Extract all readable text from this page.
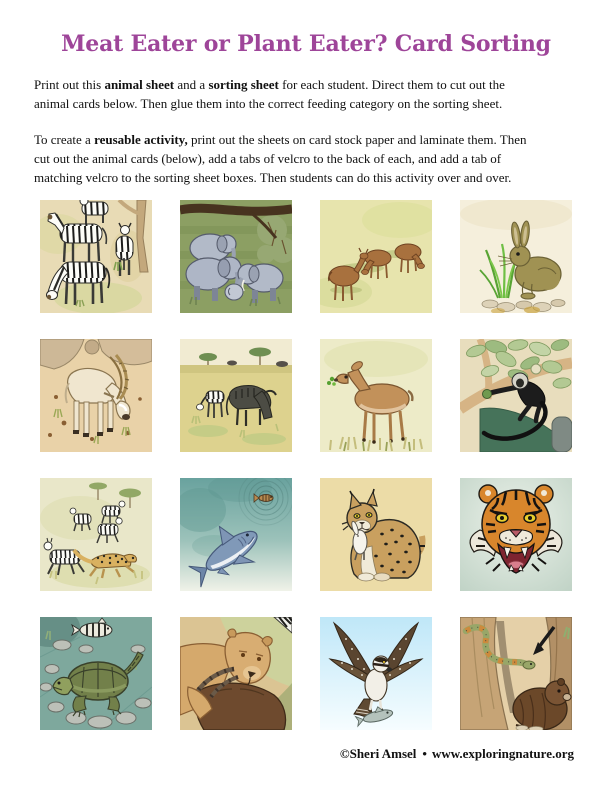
Meat Eater or Plant Eater? Card Sorting

Print out this animal sheet and a sorting sheet for each student. Direct them to cut out the
animal cards below. Then glue them into the correct feeding category on the sorting sheet.

To create a reusable activity, print out the sheets on card stock paper and laminate them. Then
cut out the animal cards (below), add a tabs of velcro to the back of each, and add a tab of
matching velcro to the sorting sheet boxes. Then students can do this activity over and over.

©Sheri Amsel • www.exploringnature.org
